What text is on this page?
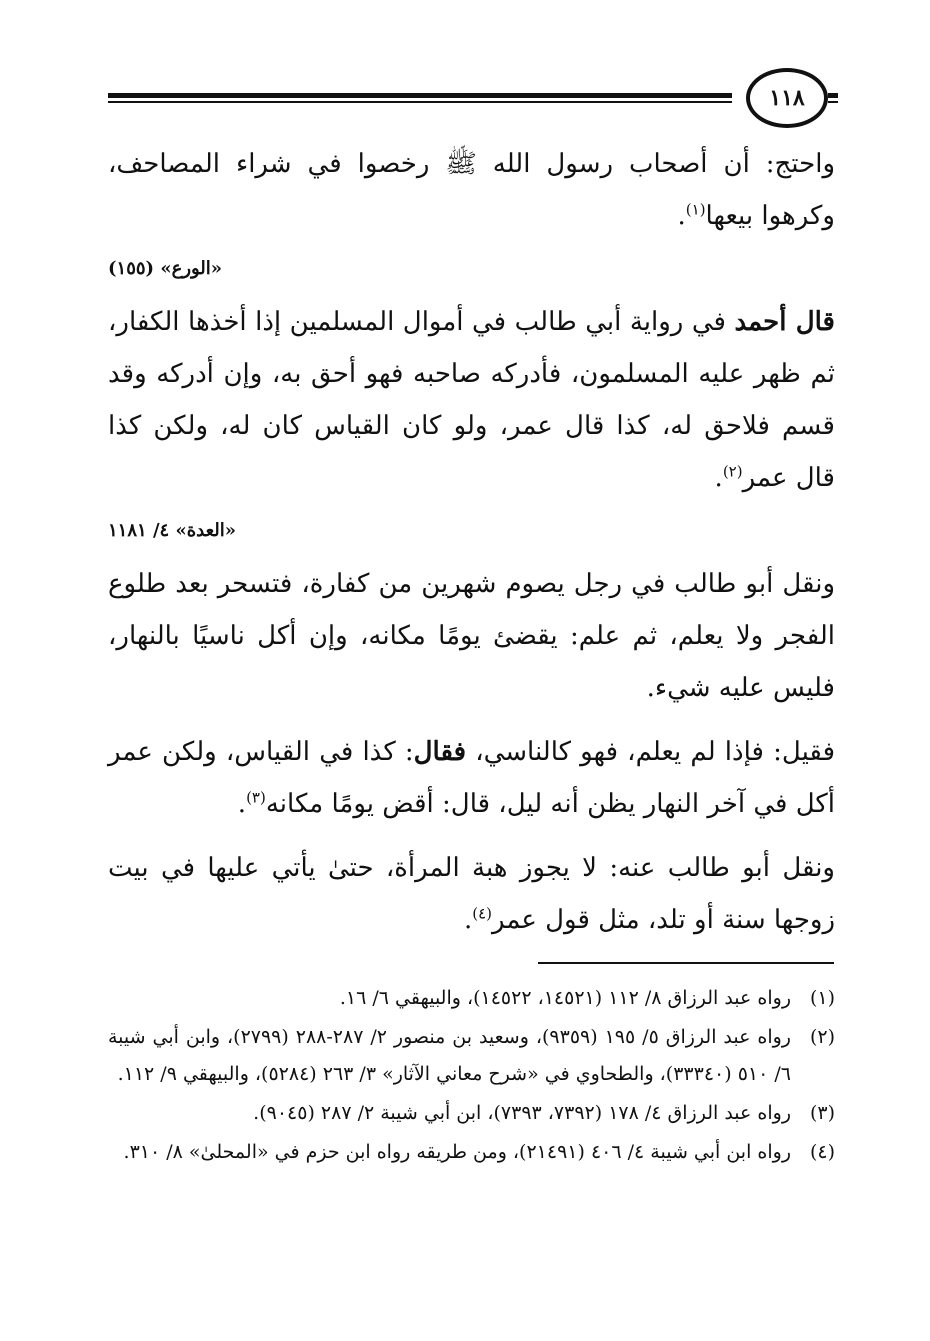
١١٨

واحتج: أن أصحاب رسول الله ﷺ رخصوا في شراء المصاحف، وكرهوا بيعها$^{(١)}$.

«الورع» (١٥٥)

قال أحمد في رواية أبي طالب في أموال المسلمين إذا أخذها الكفار، ثم ظهر عليه المسلمون، فأدركه صاحبه فهو أحق به، وإن أدركه وقد قسم فلاحق له، كذا قال عمر، ولو كان القياس كان له، ولكن كذا قال عمر$^{(٢)}$.

«العدة» ٤/ ١١٨١

ونقل أبو طالب في رجل يصوم شهرين من كفارة، فتسحر بعد طلوع الفجر ولا يعلم، ثم علم: يقضئ يومًا مكانه، وإن أكل ناسيًا بالنهار، فليس عليه شيء.

فقيل: فإذا لم يعلم، فهو كالناسي، فقال: كذا في القياس، ولكن عمر أكل في آخر النهار يظن أنه ليل، قال: أقض يومًا مكانه$^{(٣)}$.

ونقل أبو طالب عنه: لا يجوز هبة المرأة، حتىٰ يأتي عليها في بيت زوجها سنة أو تلد، مثل قول عمر$^{(٤)}$.

(١)
رواه عبد الرزاق ٨/ ١١٢ (١٤٥٢١، ١٤٥٢٢)، والبيهقي ٦/ ١٦.
(٢)
رواه عبد الرزاق ٥/ ١٩٥ (٩٣٥٩)، وسعيد بن منصور ٢/ ٢٨٧-٢٨٨ (٢٧٩٩)، وابن أبي شيبة ٦/ ٥١٠ (٣٣٣٤٠)، والطحاوي في «شرح معاني الآثار» ٣/ ٢٦٣ (٥٢٨٤)، والبيهقي ٩/ ١١٢.
(٣)
رواه عبد الرزاق ٤/ ١٧٨ (٧٣٩٢، ٧٣٩٣)، ابن أبي شيبة ٢/ ٢٨٧ (٩٠٤٥).
(٤)
رواه ابن أبي شيبة ٤/ ٤٠٦ (٢١٤٩١)، ومن طريقه رواه ابن حزم في «المحلىٰ» ٨/ ٣١٠.
